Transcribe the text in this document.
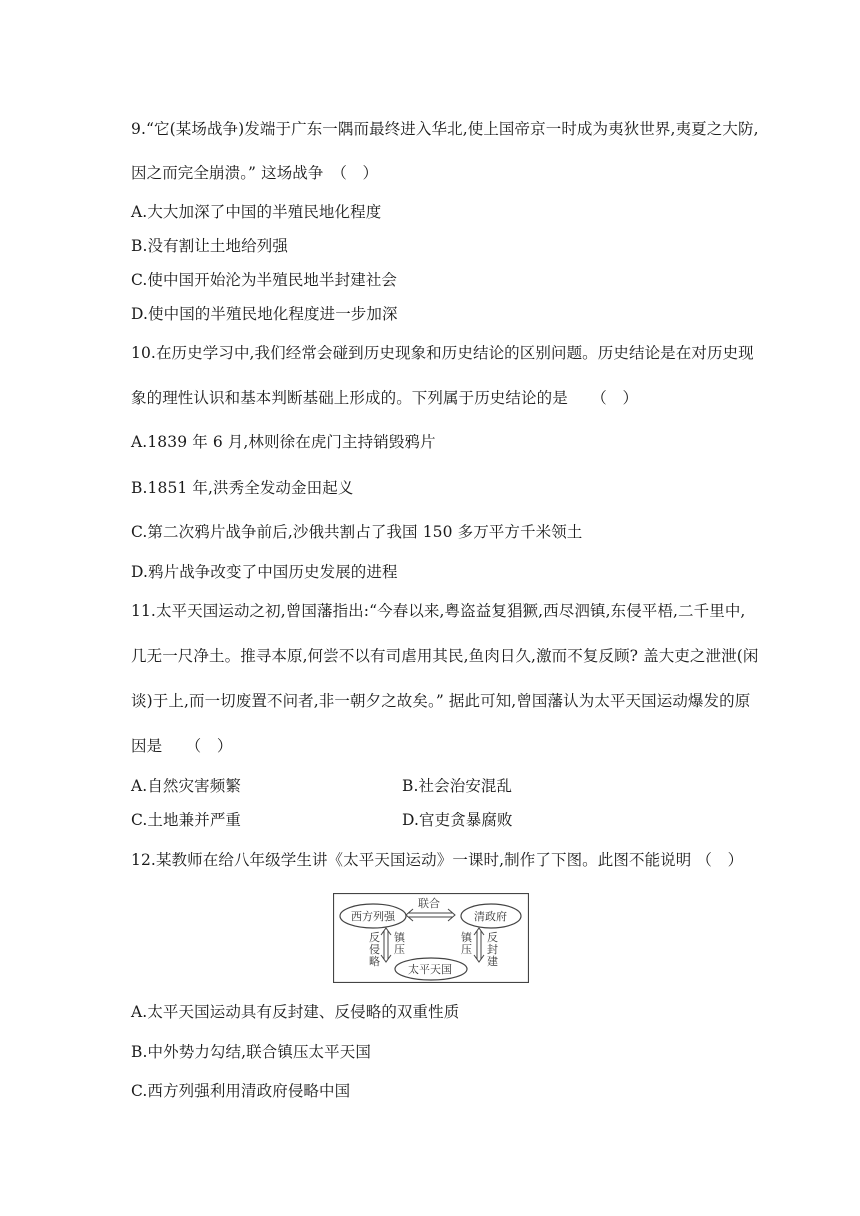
9.“它(某场战争)发端于广东一隅而最终进入华北,使上国帝京一时成为夷狄世界,夷夏之大防,
因之而完全崩溃。” 这场战争　（　）
A.大大加深了中国的半殖民地化程度
B.没有割让土地给列强
C.使中国开始沦为半殖民地半封建社会
D.使中国的半殖民地化程度进一步加深
10.在历史学习中,我们经常会碰到历史现象和历史结论的区别问题。历史结论是在对历史现
象的理性认识和基本判断基础上形成的。下列属于历史结论的是　　（　）
A.1839 年 6 月,林则徐在虎门主持销毁鸦片
B.1851 年,洪秀全发动金田起义
C.第二次鸦片战争前后,沙俄共割占了我国 150 多万平方千米领土
D.鸦片战争改变了中国历史发展的进程
11.太平天国运动之初,曾国藩指出:“今春以来,粤盗益复猖獗,西尽泗镇,东侵平梧,二千里中,
几无一尺净土。推寻本原,何尝不以有司虐用其民,鱼肉日久,激而不复反顾? 盖大吏之泄泄(闲
谈)于上,而一切废置不问者,非一朝夕之故矣。” 据此可知,曾国藩认为太平天国运动爆发的原
因是　　（　）
A.自然灾害频繁	B.社会治安混乱
C.土地兼并严重	D.官吏贪暴腐败
12.某教师在给八年级学生讲《太平天国运动》一课时,制作了下图。此图不能说明 （　）
联合
西方列强	清政府
太平天国
反
侵
略
镇
压
镇
压
反
封
建
A.太平天国运动具有反封建、反侵略的双重性质
B.中外势力勾结,联合镇压太平天国
C.西方列强利用清政府侵略中国
